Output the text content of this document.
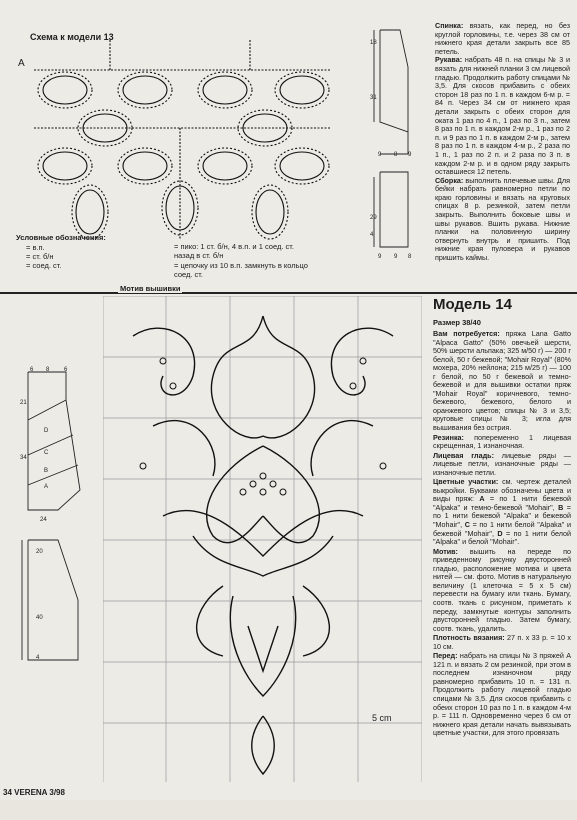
Схема к модели 13
A
18
31
9 8 9
29
4
9 9 8
Условные обозначения:
= в.п.
= ст. б/н
= соед. ст.
= пико: 1 ст. б/н, 4 в.п. и 1 соед. ст. назад в ст. б/н
= цепочку из 10 в.п. замкнуть в кольцо соед. ст.
Спинка: вязать, как перед, но без круглой горловины, т.е. через 38 см от нижнего края детали закрыть все 85 петель.
Рукава: набрать 48 п. на спицы № 3 и вязать для нижней планки 3 см лицевой гладью. Продолжить работу спицами № 3,5. Для скосов прибавить с обеих сторон 18 раз по 1 п. в каждом 6-м р. = 84 п. Через 34 см от нижнего края детали закрыть с обеих сторон для оката 1 раз по 4 п., 1 раз по 3 п., затем 8 раз по 1 п. в каждом 2-м р., 1 раз по 2 п. и 9 раз по 1 п. в каждом 2-м р., затем 8 раз по 1 п. в каждом 4-м р., 2 раза по 1 п., 1 раз по 2 п. и 2 раза по 3 п. в каждом 2-м р. и в одном ряду закрыть оставшиеся 12 петель.
Сборка: выполнить плечевые швы. Для бейки набрать равномерно петли по краю горловины и вязать на круговых спицах 8 р. резинкой, затем петли закрыть. Выполнить боковые швы и швы рукавов. Вшить рукава. Нижние планки на половинную ширину отвернуть внутрь и пришить. Под нижние края пуловера и рукавов пришить каймы.
6 8 6
21
34
D
C
B
A
24
20
40
4
Мотив вышивки
5 cm
Модель 14
Размер 38/40

Вам потребуется: пряжа Lana Gatto "Alpaca Gatto" (50% овечьей шерсти, 50% шерсти альпака; 325 м/50 г) — 200 г белой, 50 г бежевой; "Mohair Royal" (80% мохера, 20% нейлона; 215 м/25 г) — 100 г белой, по 50 г бежевой и темно-бежевой и для вышивки остатки пряж "Mohair Royal" коричневого, темно-бежевого, бежевого, белого и оранжевого цветов; спицы № 3 и 3,5; круговые спицы № 3; игла для вышивания без острия.

Резинка: попеременно 1 лицевая скрещенная, 1 изнаночная.

Лицевая гладь: лицевые ряды — лицевые петли, изнаночные ряды — изнаночные петли.

Цветные участки: см. чертеж деталей выкройки. Буквами обозначены цвета и виды пряж: A = по 1 нити бежевой "Alpaka" и темно-бежевой "Mohair", B = по 1 нити бежевой "Alpaka" и бежевой "Mohair", C = по 1 нити белой "Alpaka" и бежевой "Mohair", D = по 1 нити белой "Alpaka" и белой "Mohair".

Мотив: вышить на переде по приведенному рисунку двусторонней гладью, расположение мотива и цвета нитей — см. фото. Мотив в натуральную величину (1 клеточка = 5 x 5 см) перевести на бумагу или ткань. Бумагу, соотв. ткань с рисунком, приметать к переду, замкнутые контуры заполнить двусторонней гладью. Затем бумагу, соотв. ткань, удалить.

Плотность вязания: 27 п. x 33 р. = 10 x 10 см.

Перед: набрать на спицы № 3 пряжей A 121 п. и вязать 2 см резинкой, при этом в последнем изнаночном ряду равномерно прибавить 10 п. = 131 п. Продолжить работу лицевой гладью спицами № 3,5. Для скосов прибавить с обеих сторон 10 раз по 1 п. в каждом 4-м р. = 111 п. Одновременно через 6 см от нижнего края детали начать вывязывать цветные участки, для этого провязать

34 VERENA 3/98
